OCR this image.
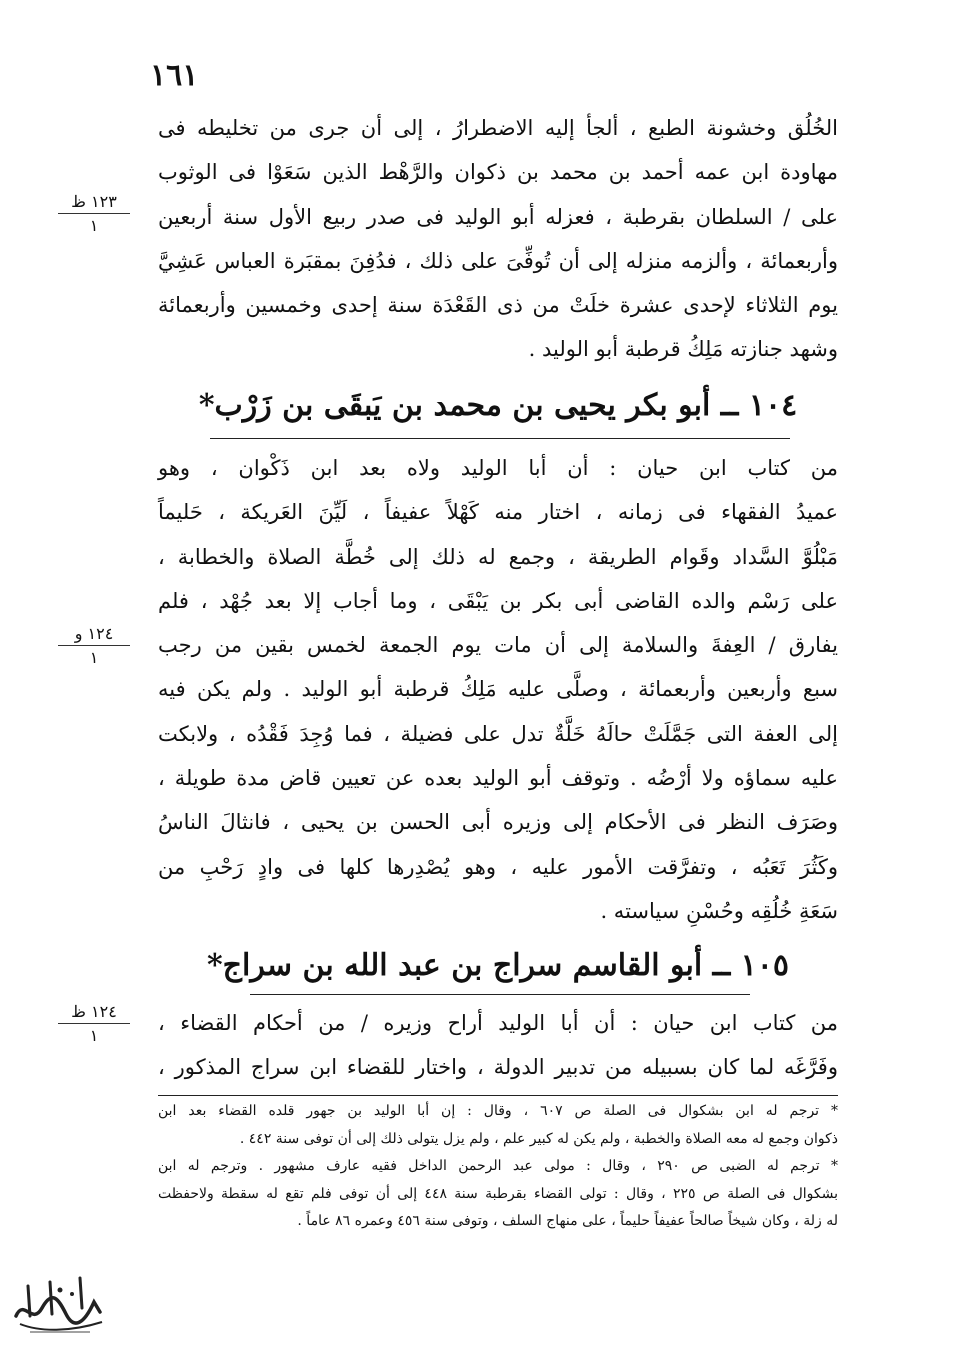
١٦١
الخُلُق وخشونة الطبع ، ألجأ إليه الاضطرارُ ، إلى أن جرى من تخليطه فى
مهاودة ابن عمه أحمد بن محمد بن ذكوان والرَّهْط الذين سَعَوْا فى الوثوب
على / السلطان بقرطبة ، فعزله أبو الوليد فى صدر ربيع الأول سنة أربعين
وأربعمائة ، وألزمه منزله إلى أن تُوفِّىَ على ذلك ، فدُفِنَ بمقبَرة العباس عَشِيَّ
يوم الثلاثاء لإحدى عشرة خلَتْ من ذى القَعْدَة سنة إحدى وخمسين وأربعمائة
وشهد جنازته مَلِكُ قرطبة أبو الوليد .
١٠٤ ــ أبو بكر يحيى بن محمد بن يَبقَى بن زَرْب*
من كتاب ابن حيان : أن أبا الوليد ولاه بعد ابن ذَكْوان ، وهو
عميدُ الفقهاء فى زمانه ، اختار منه كَهْلاً عفيفاً ، لَيِّنَ العَريكة ، حَليماً
مَبْلُوَّ السَّداد وقَوام الطريقة ، وجمع له ذلك إلى خُطَّة الصلاة والخطابة ،
على رَسْم والده القاضى أبى بكر بن يَبْقَى ، وما أجاب إلا بعد جُهْد ، فلم
يفارق / العِفةَ والسلامة إلى أن مات يوم الجمعة لخمس بقين من رجب
سبع وأربعين وأربعمائة ، وصلَّى عليه مَلِكُ قرطبة أبو الوليد . ولم يكن فيه
إلى العفة التى جَمَّلَتْ حالَهُ خَلَّةٌ تدل على فضيلة ، فما وُجِدَ فَقْدُه ، ولابكت
عليه سماؤه ولا أرْضُه . وتوقف أبو الوليد بعده عن تعيين قاض مدة طويلة ،
وصَرَف النظر فى الأحكام إلى وزيره أبى الحسن بن يحيى ، فانثالَ الناسُ
وكَثُرَ تَعَبُه ، وتفرَّقت الأمور عليه ، وهو يُصْدِرها كلها فى وادٍ رَحْبِ من
سَعَةِ خُلُقِه وحُسْنِ سياسته .
١٠٥ ــ أبو القاسم سراج بن عبد الله بن سراج*
من كتاب ابن حيان : أن أبا الوليد أراح وزيره / من أحكام القضاء ،
وفَرَّغَه لما كان بسبيله من تدبير الدولة ، واختار للقضاء ابن سراج المذكور ،
١٢٣ ظ
١
١٢٤ و
١
١٢٤ ظ
١
* ترجم له ابن بشكوال فى الصلة ص ٦٠٧ ، وقال : إن أبا الوليد بن جهور قلده القضاء بعد ابن
ذكوان وجمع له معه الصلاة والخطبة ، ولم يكن له كبير علم ، ولم يزل يتولى ذلك إلى أن توفى سنة ٤٤٢ .
* ترجم له الضبى ص ٢٩٠ ، وقال : مولى عبد الرحمن الداخل فقيه عارف مشهور . وترجم له ابن
بشكوال فى الصلة ص ٢٢٥ ، وقال : تولى القضاء بقرطبة سنة ٤٤٨ إلى أن توفى فلم تقع له سقطة ولاحفظت
له زلة ، وكان شيخاً صالحاً عفيفاً حليماً ، على منهاج السلف ، وتوفى سنة ٤٥٦ وعمره ٨٦ عاماً .
